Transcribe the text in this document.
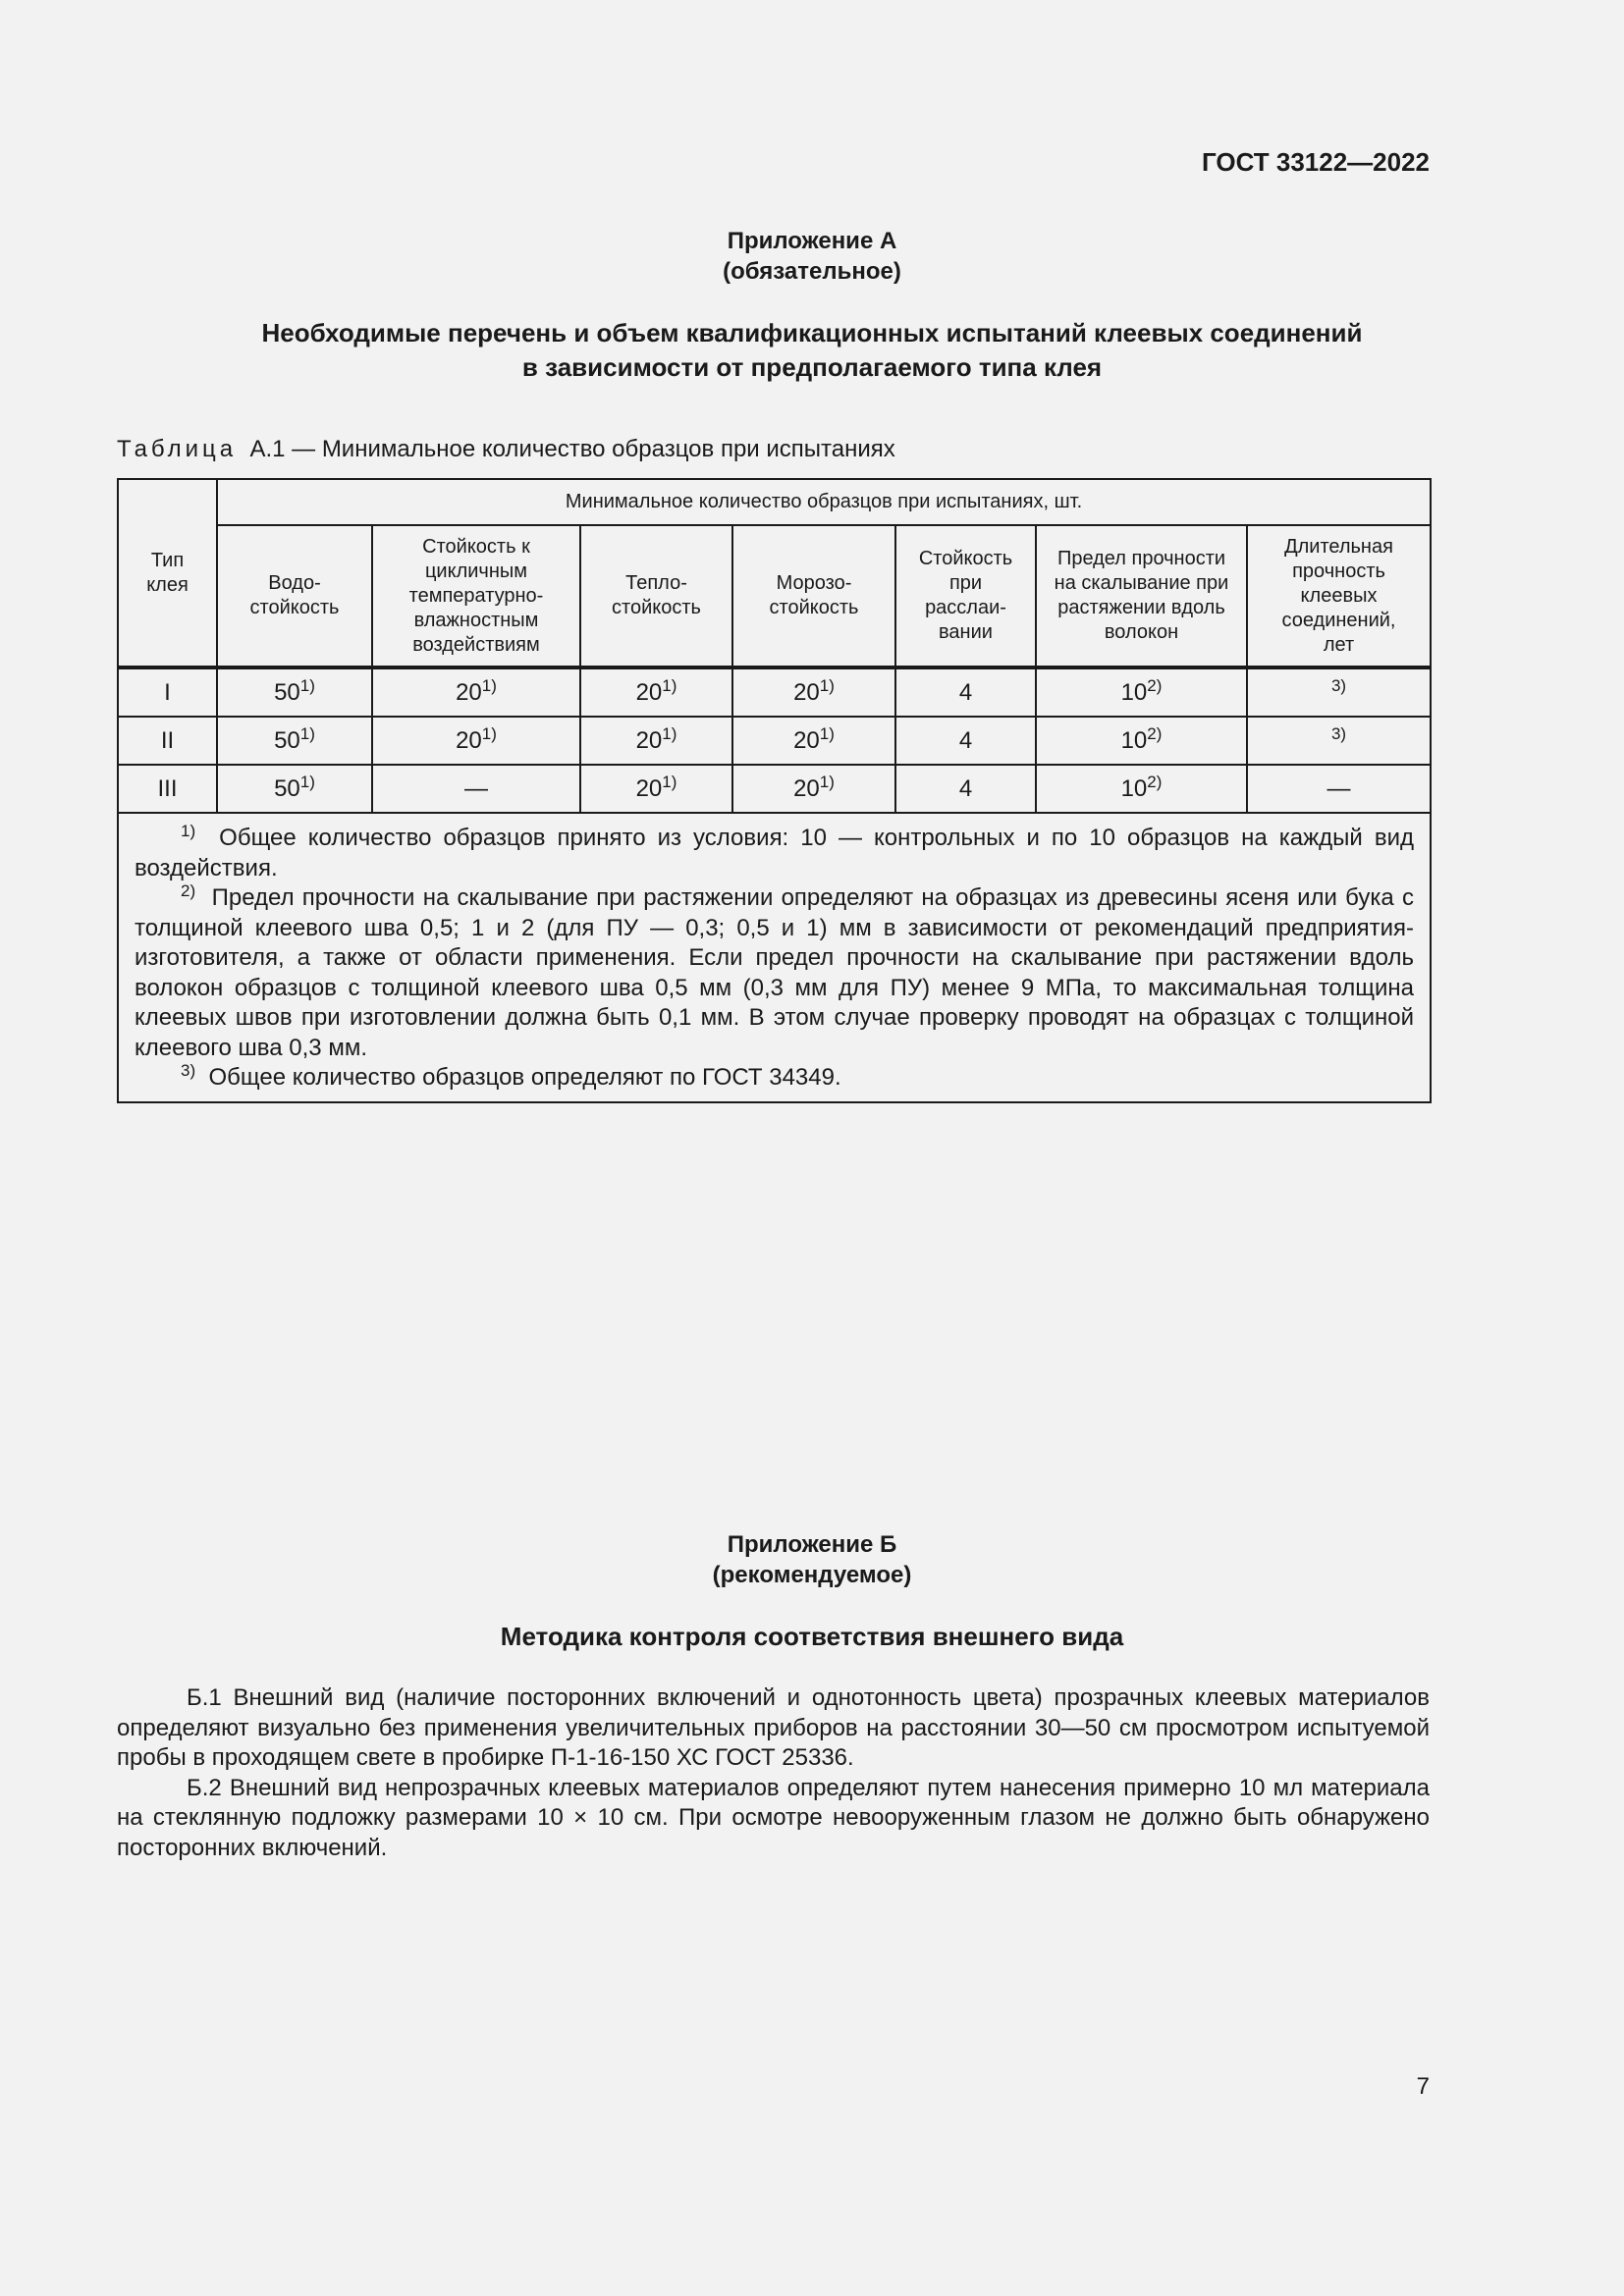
ГОСТ 33122—2022
Приложение А
(обязательное)
Необходимые перечень и объем квалификационных испытаний клеевых соединений
в зависимости от предполагаемого типа клея
Таблица А.1 — Минимальное количество образцов при испытаниях
Тип клея	Минимальное количество образцов при испытаниях, шт.						
	Водо-стойкость	Стойкость к цикличным температурно-влажностным воздействиям	Тепло-стойкость	Морозо-стойкость	Стойкость при расслаи-вании	Предел прочности на скалывание при растяжении вдоль волокон	Длительная прочность клеевых соединений, лет
I	50$^{1)}$	20$^{1)}$	20$^{1)}$	20$^{1)}$	4	10$^{2)}$	$^{3)}$
II	50$^{1)}$	20$^{1)}$	20$^{1)}$	20$^{1)}$	4	10$^{2)}$	$^{3)}$
III	50$^{1)}$	—	20$^{1)}$	20$^{1)}$	4	10$^{2)}$	—

$^{1)}$ Общее количество образцов принято из условия: 10 — контрольных и по 10 образцов на каждый вид воздействия.

$^{2)}$ Предел прочности на скалывание при растяжении определяют на образцах из древесины ясеня или бука с толщиной клеевого шва 0,5; 1 и 2 (для ПУ — 0,3; 0,5 и 1) мм в зависимости от рекомендаций предприятия-изготовителя, а также от области применения. Если предел прочности на скалывание при растяжении вдоль волокон образцов с толщиной клеевого шва 0,5 мм (0,3 мм для ПУ) менее 9 МПа, то максимальная толщина клеевых швов при изготовлении должна быть 0,1 мм. В этом случае проверку проводят на образцах с толщиной клеевого шва 0,3 мм.

$^{3)}$ Общее количество образцов определяют по ГОСТ 34349.							

Приложение Б
(рекомендуемое)
Методика контроля соответствия внешнего вида

Б.1 Внешний вид (наличие посторонних включений и однотонность цвета) прозрачных клеевых материалов определяют визуально без применения увеличительных приборов на расстоянии 30—50 см просмотром испытуемой пробы в проходящем свете в пробирке П-1-16-150 ХС ГОСТ 25336.

Б.2 Внешний вид непрозрачных клеевых материалов определяют путем нанесения примерно 10 мл материала на стеклянную подложку размерами 10 × 10 см. При осмотре невооруженным глазом не должно быть обнаружено посторонних включений.

7
